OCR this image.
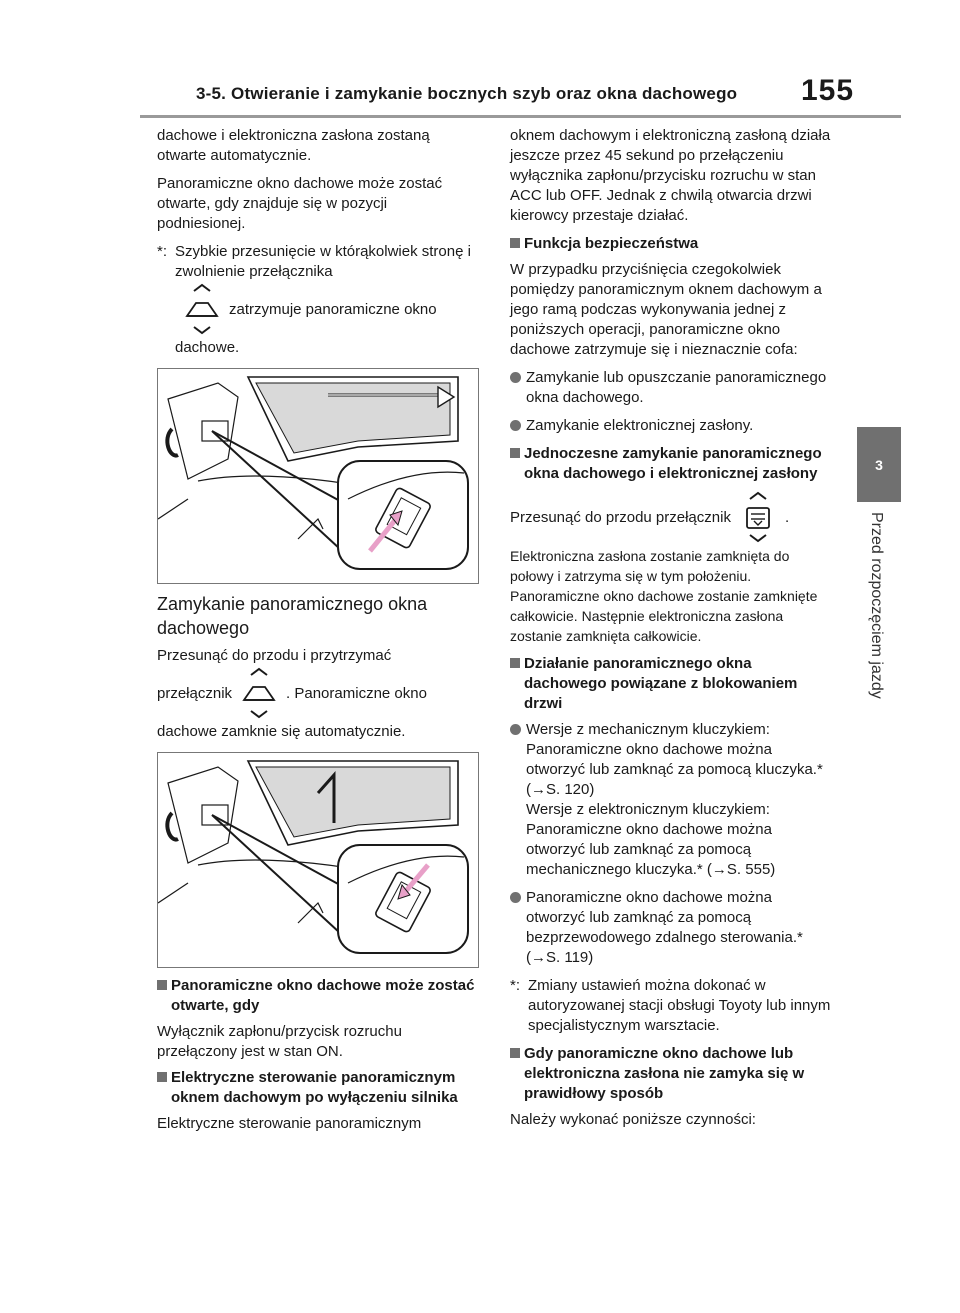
3-5. Otwieranie i zamykanie bocznych szyb oraz okna dachowego 155
3
Przed rozpoczęciem jazdy

dachowe i elektroniczna zasłona zostaną otwarte automatycznie.

Panoramiczne okno dachowe może zostać otwarte, gdy znajduje się w pozycji podniesionej.

*: Szybkie przesunięcie w którąkolwiek stronę i zwolnienie przełącznika

zatrzymuje panoramiczne okno

dachowe.

Zamykanie panoramicznego okna dachowego

Przesunąć do przodu i przytrzymać

przełącznik	. Panoramiczne okno

dachowe zamknie się automatycznie.

Panoramiczne okno dachowe może zostać otwarte, gdy

Wyłącznik zapłonu/przycisk rozruchu przełączony jest w stan ON.

Elektryczne sterowanie panoramicznym oknem dachowym po wyłączeniu silnika

Elektryczne sterowanie panoramicznym

oknem dachowym i elektroniczną zasłoną działa jeszcze przez 45 sekund po przełączeniu wyłącznika zapłonu/przycisku rozruchu w stan ACC lub OFF. Jednak z chwilą otwarcia drzwi kierowcy przestaje działać.

Funkcja bezpieczeństwa

W przypadku przyciśnięcia czegokolwiek pomiędzy panoramicznym oknem dachowym a jego ramą podczas wykonywania jednej z poniższych operacji, panoramiczne okno dachowe zatrzymuje się i nieznacznie cofa:

Zamykanie lub opuszczanie panoramicznego okna dachowego.

Zamykanie elektronicznej zasłony.

Jednoczesne zamykanie panoramicznego okna dachowego i elektronicznej zasłony

Przesunąć do przodu przełącznik	.

Elektroniczna zasłona zostanie zamknięta do połowy i zatrzyma się w tym położeniu. Panoramiczne okno dachowe zostanie zamknięte całkowicie. Następnie elektroniczna zasłona zostanie zamknięta całkowicie.

Działanie panoramicznego okna dachowego powiązane z blokowaniem drzwi

Wersje z mechanicznym kluczykiem: Panoramiczne okno dachowe można otworzyć lub zamknąć za pomocą kluczyka.* (→S. 120)

Wersje z elektronicznym kluczykiem: Panoramiczne okno dachowe można otworzyć lub zamknąć za pomocą mechanicznego kluczyka.* (→S. 555)

Panoramiczne okno dachowe można otworzyć lub zamknąć za pomocą bezprzewodowego zdalnego sterowania.* (→S. 119)

*: Zmiany ustawień można dokonać w autoryzowanej stacji obsługi Toyoty lub innym specjalistycznym warsztacie.

Gdy panoramiczne okno dachowe lub elektroniczna zasłona nie zamyka się w prawidłowy sposób

Należy wykonać poniższe czynności:
